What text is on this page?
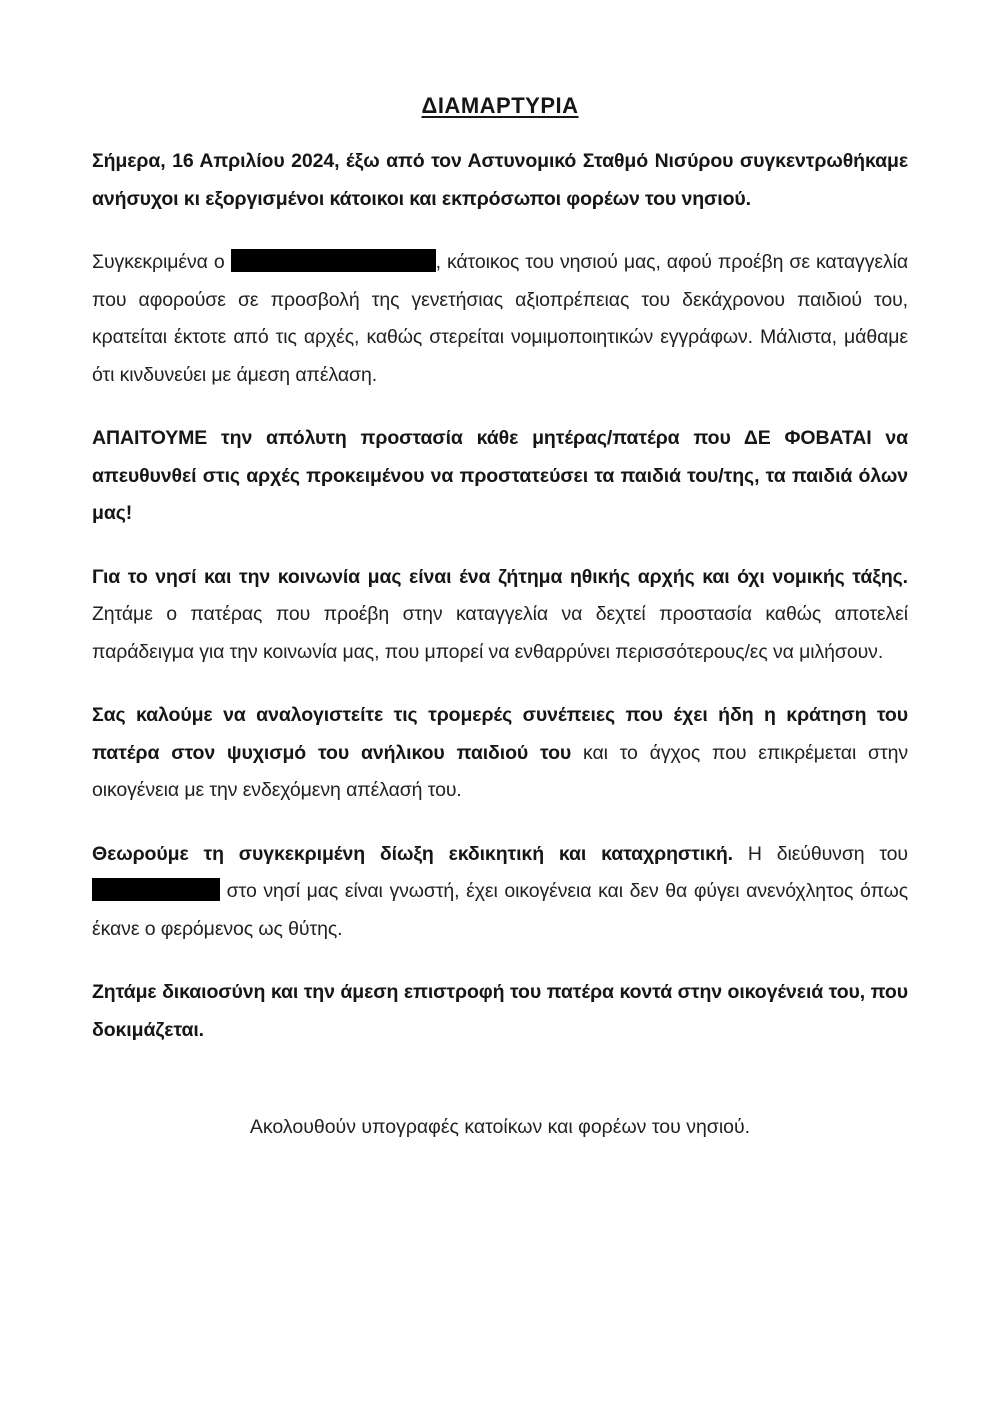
ΔΙΑΜΑΡΤΥΡΙΑ

Σήμερα, 16 Απριλίου 2024, έξω από τον Αστυνομικό Σταθμό Νισύρου συγκεντρωθήκαμε ανήσυχοι κι εξοργισμένοι κάτοικοι και εκπρόσωποι φορέων του νησιού.

Συγκεκριμένα ο	, κάτοικος του νησιού μας, αφού προέβη σε καταγγελία που αφορούσε σε προσβολή της γενετήσιας αξιοπρέπειας του δεκάχρονου παιδιού του, κρατείται έκτοτε από τις αρχές, καθώς στερείται νομιμοποιητικών εγγράφων. Μάλιστα, μάθαμε ότι κινδυνεύει με άμεση απέλαση.

ΑΠΑΙΤΟΥΜΕ την απόλυτη προστασία κάθε μητέρας/πατέρα που ΔΕ ΦΟΒΑΤΑΙ να απευθυνθεί στις αρχές προκειμένου να προστατεύσει τα παιδιά του/της, τα παιδιά όλων μας!

Για το νησί και την κοινωνία μας είναι ένα ζήτημα ηθικής αρχής και όχι νομικής τάξης. Ζητάμε ο πατέρας που προέβη στην καταγγελία να δεχτεί προστασία καθώς αποτελεί παράδειγμα για την κοινωνία μας, που μπορεί να ενθαρρύνει περισσότερους/ες να μιλήσουν.

Σας καλούμε να αναλογιστείτε τις τρομερές συνέπειες που έχει ήδη η κράτηση του πατέρα στον ψυχισμό του ανήλικου παιδιού του και το άγχος που επικρέμεται στην οικογένεια με την ενδεχόμενη απέλασή του.

Θεωρούμε τη συγκεκριμένη δίωξη εκδικητική και καταχρηστική. Η διεύθυνση του  στο νησί μας είναι γνωστή, έχει οικογένεια και δεν θα φύγει ανενόχλητος όπως έκανε ο φερόμενος ως θύτης.

Ζητάμε δικαιοσύνη και την άμεση επιστροφή του πατέρα κοντά στην οικογένειά του, που δοκιμάζεται.

Ακολουθούν υπογραφές κατοίκων και φορέων του νησιού.
